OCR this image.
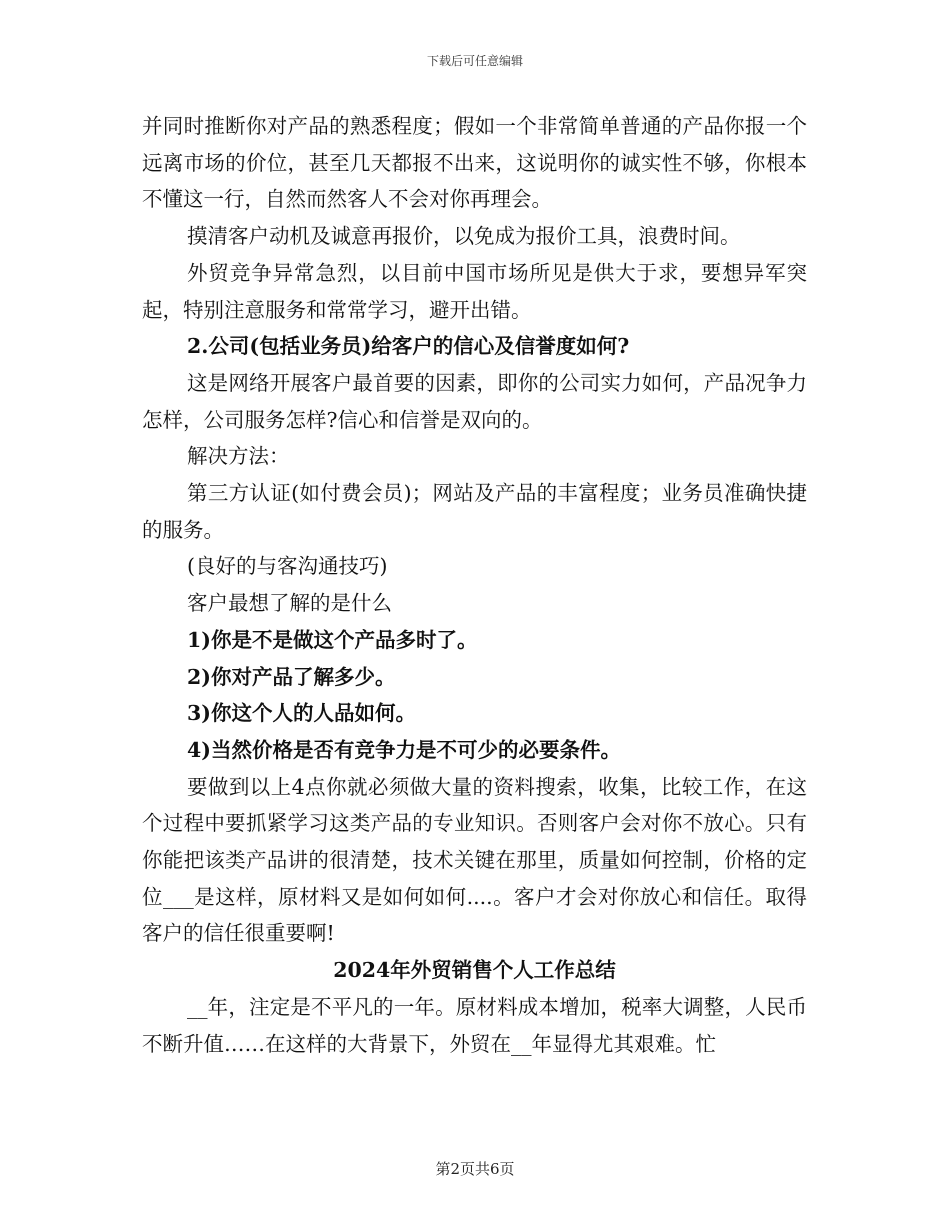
下载后可任意编辑

并同时推断你对产品的熟悉程度；假如一个非常简单普通的产品你报一个远离市场的价位，甚至几天都报不出来，这说明你的诚实性不够，你根本不懂这一行，自然而然客人不会对你再理会。

摸清客户动机及诚意再报价，以免成为报价工具，浪费时间。

外贸竞争异常急烈，以目前中国市场所见是供大于求，要想异军突起，特别注意服务和常常学习，避开出错。

2.公司(包括业务员)给客户的信心及信誉度如何?

这是网络开展客户最首要的因素，即你的公司实力如何，产品况争力怎样，公司服务怎样?信心和信誉是双向的。

解决方法：

第三方认证(如付费会员)；网站及产品的丰富程度；业务员准确快捷的服务。

(良好的与客沟通技巧)

客户最想了解的是什么

1)你是不是做这个产品多时了。

2)你对产品了解多少。

3)你这个人的人品如何。

4)当然价格是否有竞争力是不可少的必要条件。

要做到以上4点你就必须做大量的资料搜索，收集，比较工作，在这个过程中要抓紧学习这类产品的专业知识。否则客户会对你不放心。只有你能把该类产品讲的很清楚，技术关键在那里，质量如何控制，价格的定位___是这样，原材料又是如何如何....。客户才会对你放心和信任。取得客户的信任很重要啊!

2024年外贸销售个人工作总结

__年，注定是不平凡的一年。原材料成本增加，税率大调整，人民币不断升值……在这样的大背景下，外贸在__年显得尤其艰难。忙

第2页共6页
